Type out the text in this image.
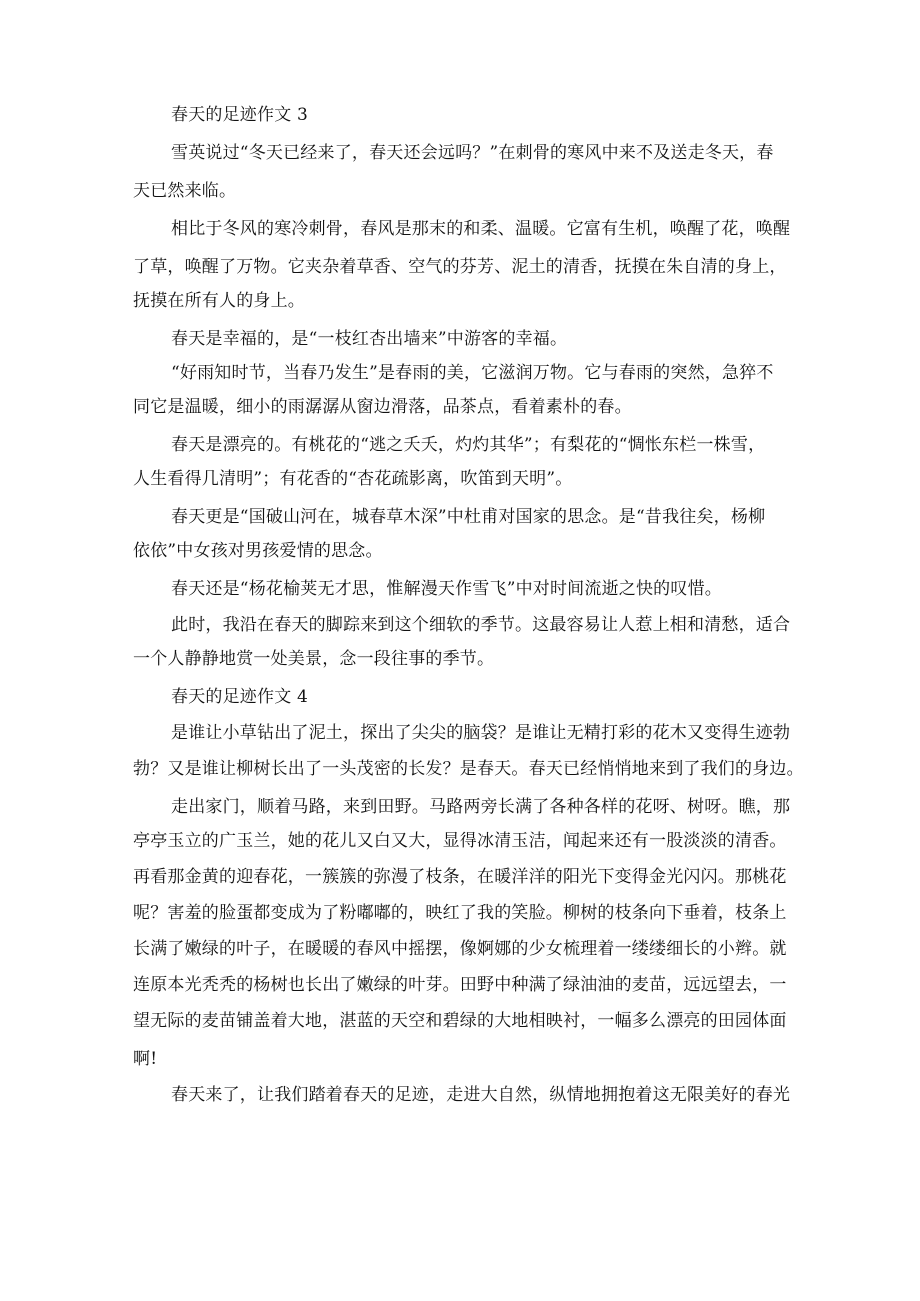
春天的足迹作文 3
雪英说过“冬天已经来了，春天还会远吗？”在刺骨的寒风中来不及送走冬天，春
天已然来临。
相比于冬风的寒冷刺骨，春风是那末的和柔、温暖。它富有生机，唤醒了花，唤醒
了草，唤醒了万物。它夹杂着草香、空气的芬芳、泥土的清香，抚摸在朱自清的身上，
抚摸在所有人的身上。
春天是幸福的，是“一枝红杏出墙来”中游客的幸福。
“好雨知时节，当春乃发生”是春雨的美，它滋润万物。它与春雨的突然，急猝不
同它是温暖，细小的雨潺潺从窗边滑落，品茶点，看着素朴的春。
春天是漂亮的。有桃花的“逃之夭夭，灼灼其华”；有梨花的“惆怅东栏一株雪，
人生看得几清明”；有花香的“杏花疏影离，吹笛到天明”。
春天更是“国破山河在，城春草木深”中杜甫对国家的思念。是“昔我往矣，杨柳
依依”中女孩对男孩爱情的思念。
春天还是“杨花榆荚无才思，惟解漫天作雪飞”中对时间流逝之快的叹惜。
此时，我沿在春天的脚踪来到这个细软的季节。这最容易让人惹上相和清愁，适合
一个人静静地赏一处美景，念一段往事的季节。
春天的足迹作文 4
是谁让小草钻出了泥土，探出了尖尖的脑袋？是谁让无精打彩的花木又变得生迹勃
勃？又是谁让柳树长出了一头茂密的长发？是春天。春天已经悄悄地来到了我们的身边。
走出家门，顺着马路，来到田野。马路两旁长满了各种各样的花呀、树呀。瞧，那
亭亭玉立的广玉兰，她的花儿又白又大，显得冰清玉洁，闻起来还有一股淡淡的清香。
再看那金黄的迎春花，一簇簇的弥漫了枝条，在暖洋洋的阳光下变得金光闪闪。那桃花
呢？害羞的脸蛋都变成为了粉嘟嘟的，映红了我的笑脸。柳树的枝条向下垂着，枝条上
长满了嫩绿的叶子，在暖暖的春风中摇摆，像婀娜的少女梳理着一缕缕细长的小辫。就
连原本光秃秃的杨树也长出了嫩绿的叶芽。田野中种满了绿油油的麦苗，远远望去，一
望无际的麦苗铺盖着大地，湛蓝的天空和碧绿的大地相映衬，一幅多么漂亮的田园体面
啊!
春天来了，让我们踏着春天的足迹，走进大自然，纵情地拥抱着这无限美好的春光
